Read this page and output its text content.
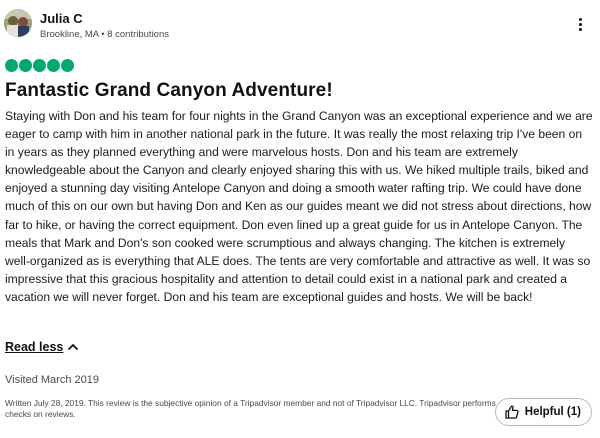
Julia C
Brookline, MA • 8 contributions
Fantastic Grand Canyon Adventure!

Staying with Don and his team for four nights in the Grand Canyon was an exceptional experience and we are eager to camp with him in another national park in the future. It was really the most relaxing trip I've been on in years as they planned everything and were marvelous hosts. Don and his team are extremely knowledgeable about the Canyon and clearly enjoyed sharing this with us. We hiked multiple trails, biked and enjoyed a stunning day visiting Antelope Canyon and doing a smooth water rafting trip. We could have done much of this on our own but having Don and Ken as our guides meant we did not stress about directions, how far to hike, or having the correct equipment. Don even lined up a great guide for us in Antelope Canyon. The meals that Mark and Don's son cooked were scrumptious and always changing. The kitchen is extremely well-organized as is everything that ALE does. The tents are very comfortable and attractive as well. It was so impressive that this gracious hospitality and attention to detail could exist in a national park and created a vacation we will never forget. Don and his team are exceptional guides and hosts. We will be back!

Read less
Visited March 2019
Written July 28, 2019. This review is the subjective opinion of a Tripadvisor member and not of Tripadvisor LLC. Tripadvisor performs checks on reviews.	Helpful (1)
